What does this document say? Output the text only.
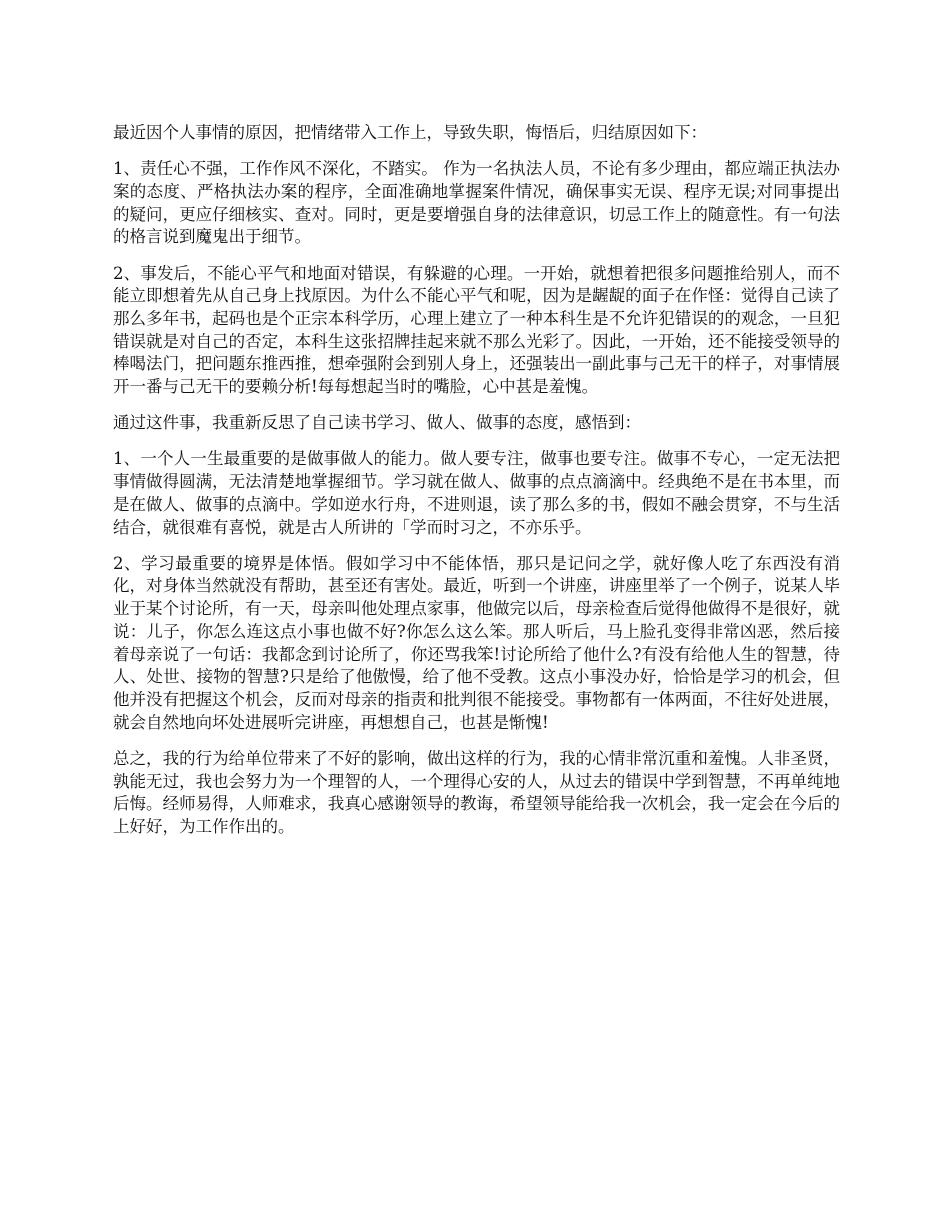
最近因个人事情的原因，把情绪带入工作上，导致失职，悔悟后，归结原因如下：

1、责任心不强，工作作风不深化，不踏实。 作为一名执法人员，不论有多少理由，都应端正执法办案的态度、严格执法办案的程序，全面准确地掌握案件情况，确保事实无误、程序无误;对同事提出的疑问，更应仔细核实、查对。同时，更是要增强自身的法律意识，切忌工作上的随意性。有一句法的格言说到魔鬼出于细节。

2、事发后，不能心平气和地面对错误，有躲避的心理。一开始，就想着把很多问题推给别人，而不能立即想着先从自己身上找原因。为什么不能心平气和呢，因为是龌龊的面子在作怪：觉得自己读了那么多年书，起码也是个正宗本科学历，心理上建立了一种本科生是不允许犯错误的的观念，一旦犯错误就是对自己的否定，本科生这张招牌挂起来就不那么光彩了。因此，一开始，还不能接受领导的棒喝法门，把问题东推西推，想牵强附会到别人身上，还强装出一副此事与己无干的样子，对事情展开一番与己无干的要赖分析!每每想起当时的嘴脸，心中甚是羞愧。

通过这件事，我重新反思了自己读书学习、做人、做事的态度，感悟到：

1、一个人一生最重要的是做事做人的能力。做人要专注，做事也要专注。做事不专心，一定无法把事情做得圆满，无法清楚地掌握细节。学习就在做人、做事的点点滴滴中。经典绝不是在书本里，而是在做人、做事的点滴中。学如逆水行舟，不进则退，读了那么多的书，假如不融会贯穿，不与生活结合，就很难有喜悦，就是古人所讲的「学而时习之，不亦乐乎。

2、学习最重要的境界是体悟。假如学习中不能体悟，那只是记问之学，就好像人吃了东西没有消化，对身体当然就没有帮助，甚至还有害处。最近，听到一个讲座，讲座里举了一个例子，说某人毕业于某个讨论所，有一天，母亲叫他处理点家事，他做完以后，母亲检查后觉得他做得不是很好，就说：儿子，你怎么连这点小事也做不好?你怎么这么笨。那人听后，马上脸孔变得非常凶恶，然后接着母亲说了一句话：我都念到讨论所了，你还骂我笨!讨论所给了他什么?有没有给他人生的智慧，待人、处世、接物的智慧?只是给了他傲慢，给了他不受教。这点小事没办好，恰恰是学习的机会，但他并没有把握这个机会，反而对母亲的指责和批判很不能接受。事物都有一体两面，不往好处进展，就会自然地向坏处进展听完讲座，再想想自己，也甚是惭愧!

总之，我的行为给单位带来了不好的影响，做出这样的行为，我的心情非常沉重和羞愧。人非圣贤，孰能无过，我也会努力为一个理智的人，一个理得心安的人，从过去的错误中学到智慧，不再单纯地后悔。经师易得，人师难求，我真心感谢领导的教诲，希望领导能给我一次机会，我一定会在今后的上好好，为工作作出的。
